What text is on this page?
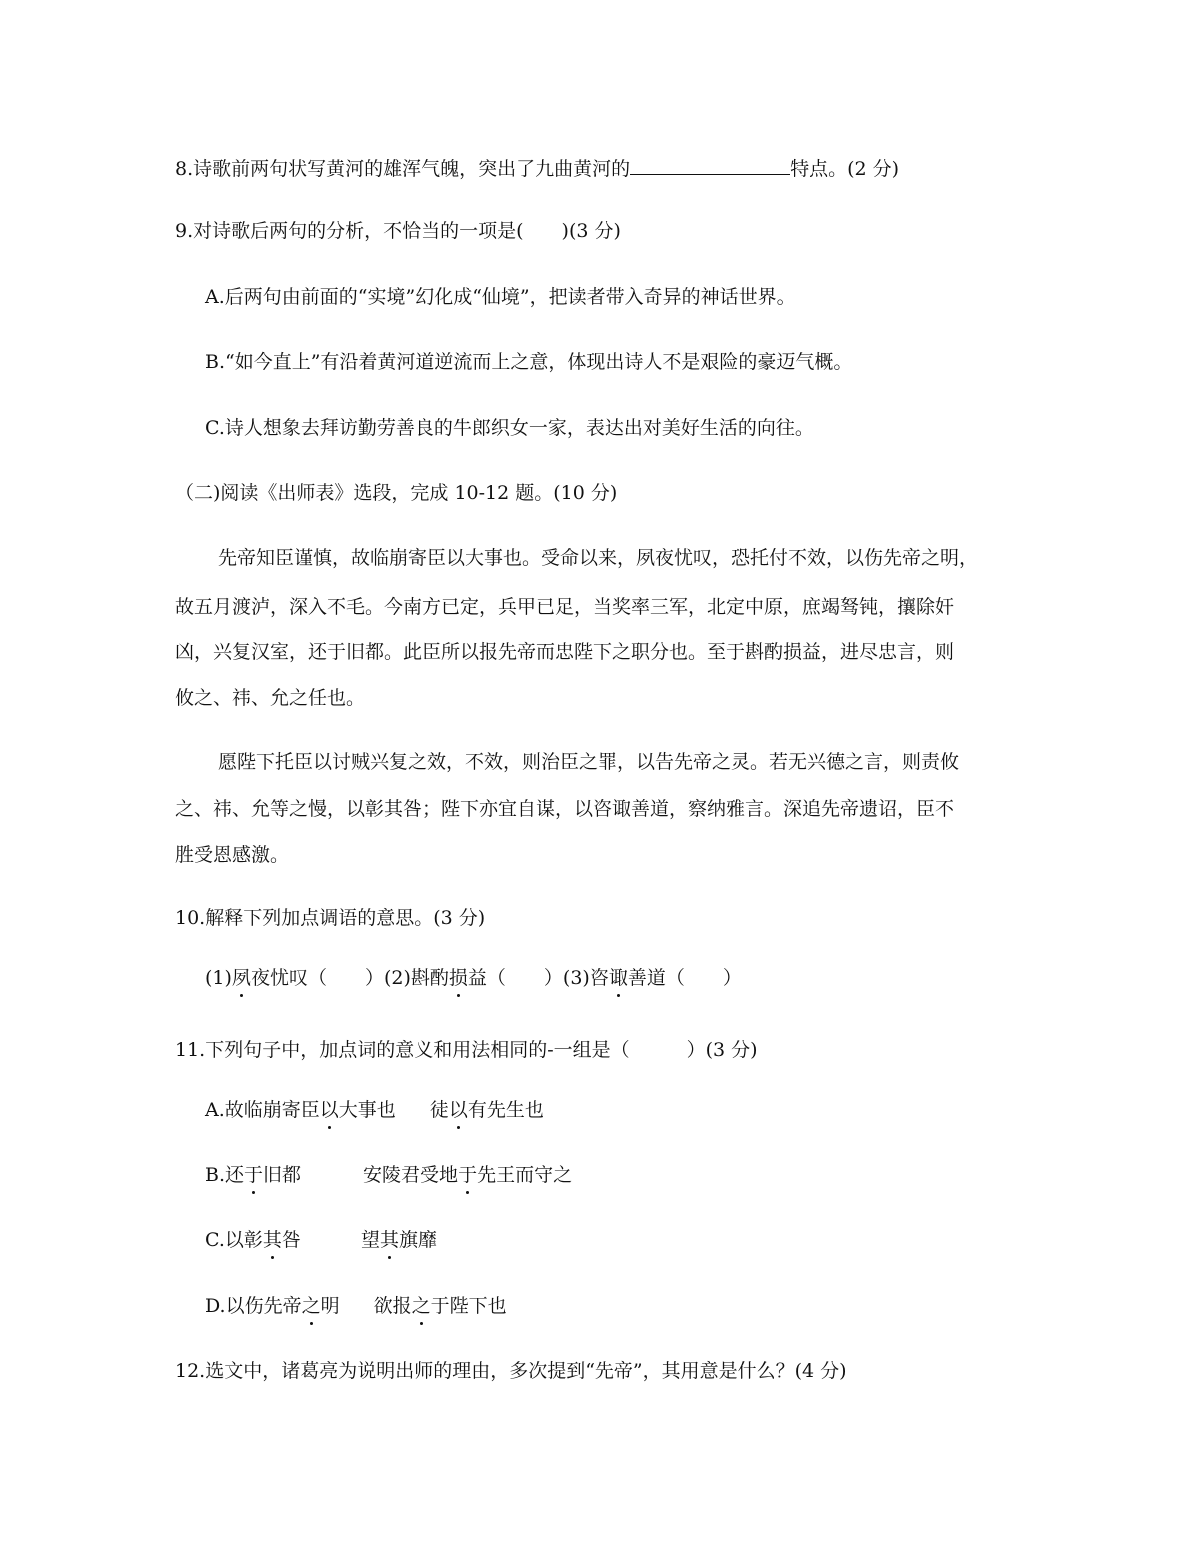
8.诗歌前两句状写黄河的雄浑气魄，突出了九曲黄河的	特点。(2 分)
9.对诗歌后两句的分析，不恰当的一项是(　　)(3 分)
A.后两句由前面的“实境”幻化成“仙境”，把读者带入奇异的神话世界。
B.“如今直上”有沿着黄河道逆流而上之意，体现出诗人不是艰险的豪迈气概。
C.诗人想象去拜访勤劳善良的牛郎织女一家，表达出对美好生活的向往。
（二)阅读《出师表》选段，完成 10-12 题。(10 分)
先帝知臣谨慎，故临崩寄臣以大事也。受命以来，夙夜忧叹，恐托付不效，以伤先帝之明，
故五月渡泸，深入不毛。今南方已定，兵甲已足，当奖率三军，北定中原，庶竭驽钝，攘除奸
凶，兴复汉室，还于旧都。此臣所以报先帝而忠陛下之职分也。至于斟酌损益，进尽忠言，则
攸之、祎、允之任也。
愿陛下托臣以讨贼兴复之效，不效，则治臣之罪，以告先帝之灵。若无兴德之言，则责攸
之、祎、允等之慢，以彰其咎；陛下亦宜自谋，以咨诹善道，察纳雅言。深追先帝遗诏，臣不
胜受恩感激。
10.解释下列加点调语的意思。(3 分)
(1)夙夜忧叹（　　）(2)斟酌损益（　　）(3)咨诹善道（　　）
11.下列句子中，加点词的意义和用法相同的-一组是（　　　）(3 分)
A.故临崩寄臣以大事也 徒以有先生也
B.还于旧都	安陵君受地于先王而守之
C.以彰其咎	望其旗靡
D.以伤先帝之明 欲报之于陛下也
12.选文中，诸葛亮为说明出师的理由，多次提到“先帝”，其用意是什么？(4 分)
